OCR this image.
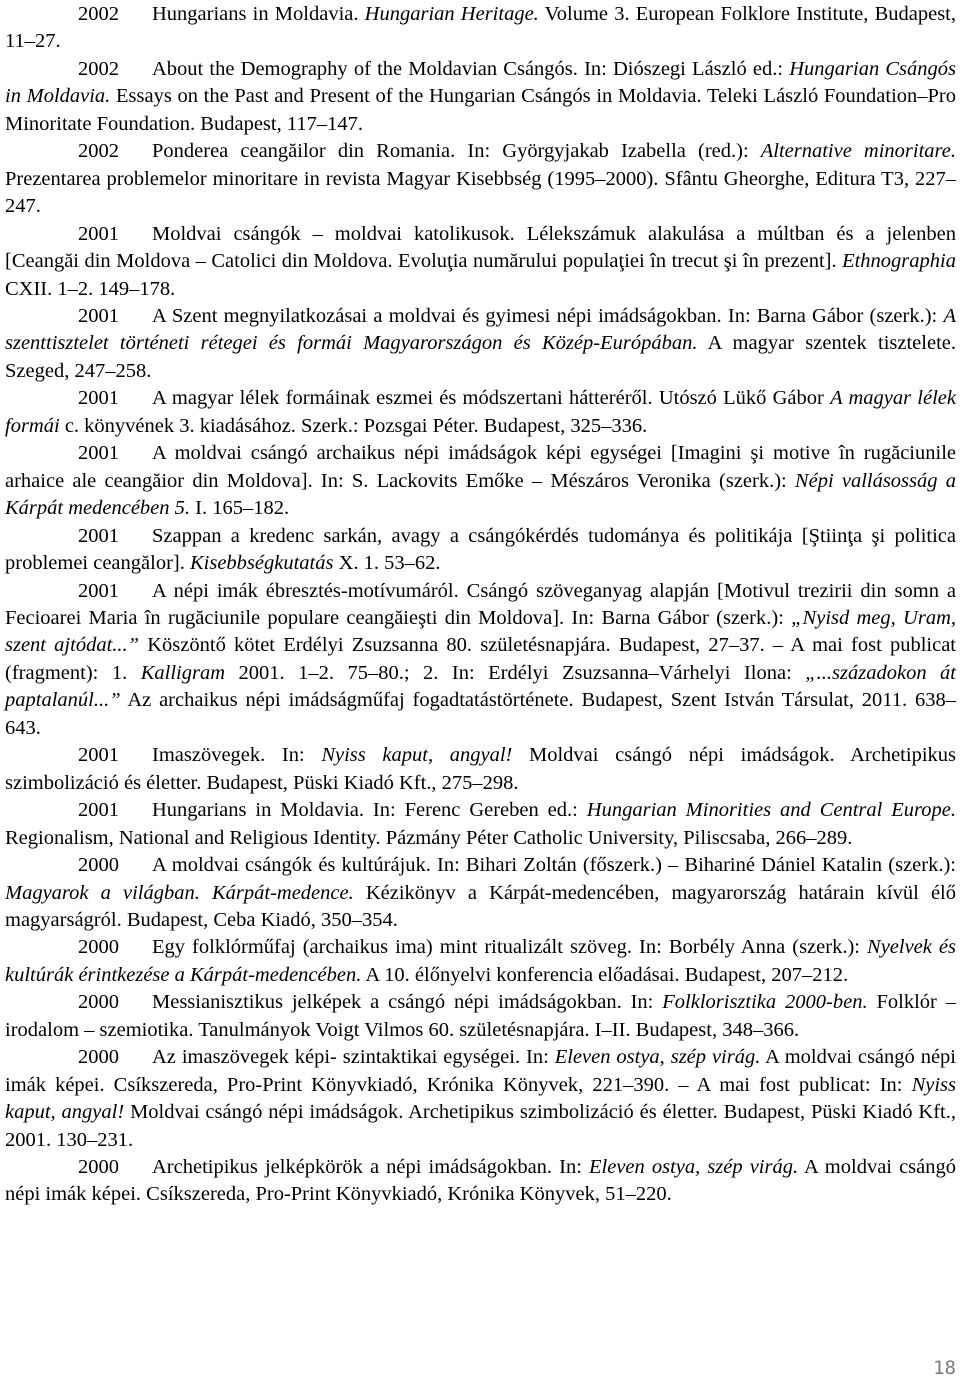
2002 Hungarians in Moldavia. Hungarian Heritage. Volume 3. European Folklore Institute, Budapest, 11–27.

2002 About the Demography of the Moldavian Csángós. In: Diószegi László ed.: Hungarian Csángós in Moldavia. Essays on the Past and Present of the Hungarian Csángós in Moldavia. Teleki László Foundation–Pro Minoritate Foundation. Budapest, 117–147.

2002 Ponderea ceangăilor din Romania. In: Györgyjakab Izabella (red.): Alternative minoritare. Prezentarea problemelor minoritare in revista Magyar Kisebbség (1995–2000). Sfântu Gheorghe, Editura T3, 227–247.

2001 Moldvai csángók – moldvai katolikusok. Lélekszámuk alakulása a múltban és a jelenben [Ceangăi din Moldova – Catolici din Moldova. Evoluţia numărului populaţiei în trecut şi în prezent]. Ethnographia CXII. 1–2. 149–178.

2001 A Szent megnyilatkozásai a moldvai és gyimesi népi imádságokban. In: Barna Gábor (szerk.): A szenttisztelet történeti rétegei és formái Magyarországon és Közép-Európában. A magyar szentek tisztelete. Szeged, 247–258.

2001 A magyar lélek formáinak eszmei és módszertani hátteréről. Utószó Lükő Gábor A magyar lélek formái c. könyvének 3. kiadásához. Szerk.: Pozsgai Péter. Budapest, 325–336.

2001 A moldvai csángó archaikus népi imádságok képi egységei [Imagini şi motive în rugăciunile arhaice ale ceangăior din Moldova]. In: S. Lackovits Emőke – Mészáros Veronika (szerk.): Népi vallásosság a Kárpát medencében 5. I. 165–182.

2001 Szappan a kredenc sarkán, avagy a csángókérdés tudománya és politikája [Ştiinţa şi politica problemei ceangălor]. Kisebbségkutatás X. 1. 53–62.

2001 A népi imák ébresztés-motívumáról. Csángó szöveganyag alapján [Motivul trezirii din somn a Fecioarei Maria în rugăciunile populare ceangăieşti din Moldova]. In: Barna Gábor (szerk.): „Nyisd meg, Uram, szent ajtódat...” Köszöntő kötet Erdélyi Zsuzsanna 80. születésnapjára. Budapest, 27–37. – A mai fost publicat (fragment): 1. Kalligram 2001. 1–2. 75–80.; 2. In: Erdélyi Zsuzsanna–Várhelyi Ilona: „...századokon át paptalanúl...” Az archaikus népi imádságműfaj fogadtatástörténete. Budapest, Szent István Társulat, 2011. 638–643.

2001 Imaszövegek. In: Nyiss kaput, angyal! Moldvai csángó népi imádságok. Archetipikus szimbolizáció és életter. Budapest, Püski Kiadó Kft., 275–298.

2001 Hungarians in Moldavia. In: Ferenc Gereben ed.: Hungarian Minorities and Central Europe. Regionalism, National and Religious Identity. Pázmány Péter Catholic University, Piliscsaba, 266–289.

2000 A moldvai csángók és kultúrájuk. In: Bihari Zoltán (főszerk.) – Bihariné Dániel Katalin (szerk.): Magyarok a világban. Kárpát-medence. Kézikönyv a Kárpát-medencében, magyarország határain kívül élő magyarságról. Budapest, Ceba Kiadó, 350–354.

2000 Egy folklórműfaj (archaikus ima) mint ritualizált szöveg. In: Borbély Anna (szerk.): Nyelvek és kultúrák érintkezése a Kárpát-medencében. A 10. élőnyelvi konferencia előadásai. Budapest, 207–212.

2000 Messianisztikus jelképek a csángó népi imádságokban. In: Folklorisztika 2000-ben. Folklór – irodalom – szemiotika. Tanulmányok Voigt Vilmos 60. születésnapjára. I–II. Budapest, 348–366.

2000 Az imaszövegek képi- szintaktikai egységei. In: Eleven ostya, szép virág. A moldvai csángó népi imák képei. Csíkszereda, Pro-Print Könyvkiadó, Krónika Könyvek, 221–390. – A mai fost publicat: In: Nyiss kaput, angyal! Moldvai csángó népi imádságok. Archetipikus szimbolizáció és életter. Budapest, Püski Kiadó Kft., 2001. 130–231.

2000 Archetipikus jelképkörök a népi imádságokban. In: Eleven ostya, szép virág. A moldvai csángó népi imák képei. Csíkszereda, Pro-Print Könyvkiadó, Krónika Könyvek, 51–220.

18
